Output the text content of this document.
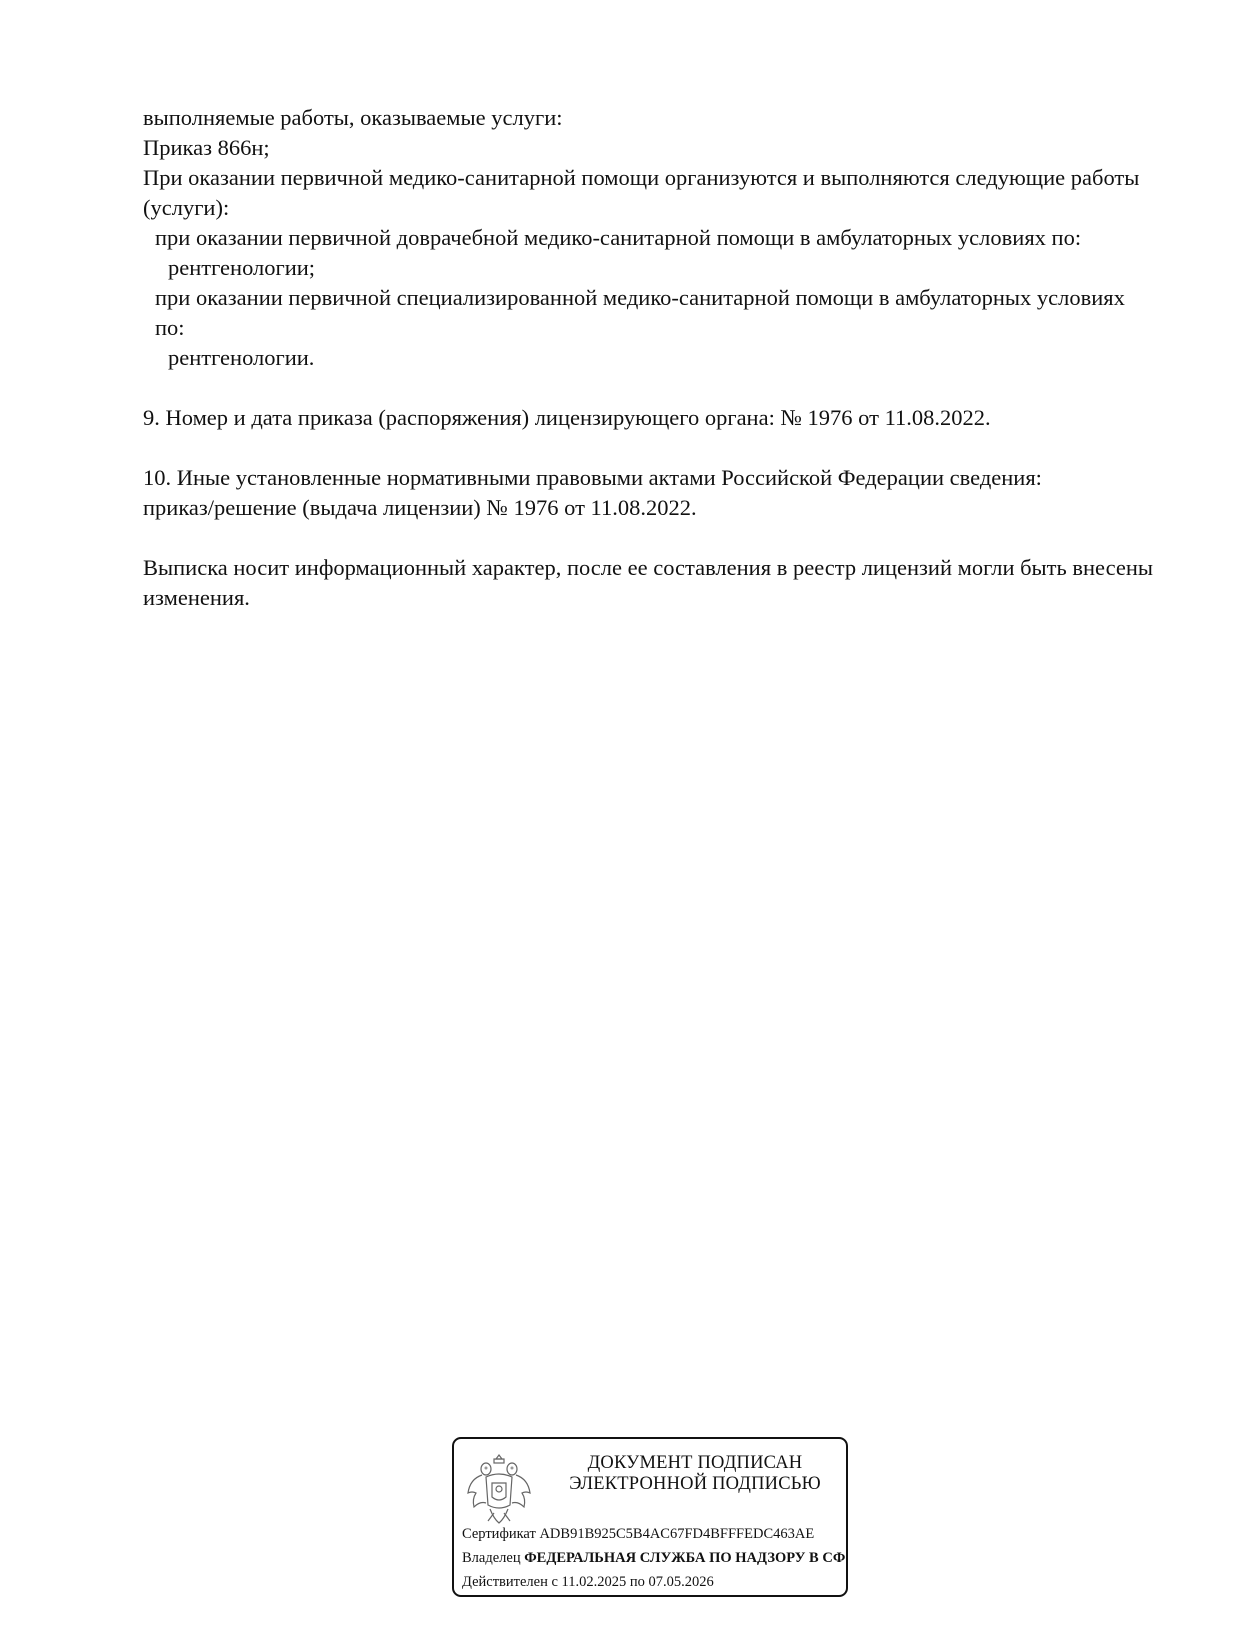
выполняемые работы, оказываемые услуги:

Приказ 866н;

При оказании первичной медико-санитарной помощи организуются и выполняются следующие работы (услуги):

при оказании первичной доврачебной медико-санитарной помощи в амбулаторных условиях по:

рентгенологии;

при оказании первичной специализированной медико-санитарной помощи в амбулаторных условиях по:

рентгенологии.

9. Номер и дата приказа (распоряжения) лицензирующего органа: № 1976 от 11.08.2022.

10. Иные установленные нормативными правовыми актами Российской Федерации сведения:

приказ/решение (выдача лицензии) № 1976 от 11.08.2022.

Выписка носит информационный характер, после ее составления в реестр лицензий могли быть внесены изменения.

ДОКУМЕНТ ПОДПИСАН
ЭЛЕКТРОННОЙ ПОДПИСЬЮ
Сертификат ADB91B925C5B4AC67FD4BFFFEDC463AE
Владелец ФЕДЕРАЛЬНАЯ СЛУЖБА ПО НАДЗОРУ В СФ
Действителен с 11.02.2025 по 07.05.2026
